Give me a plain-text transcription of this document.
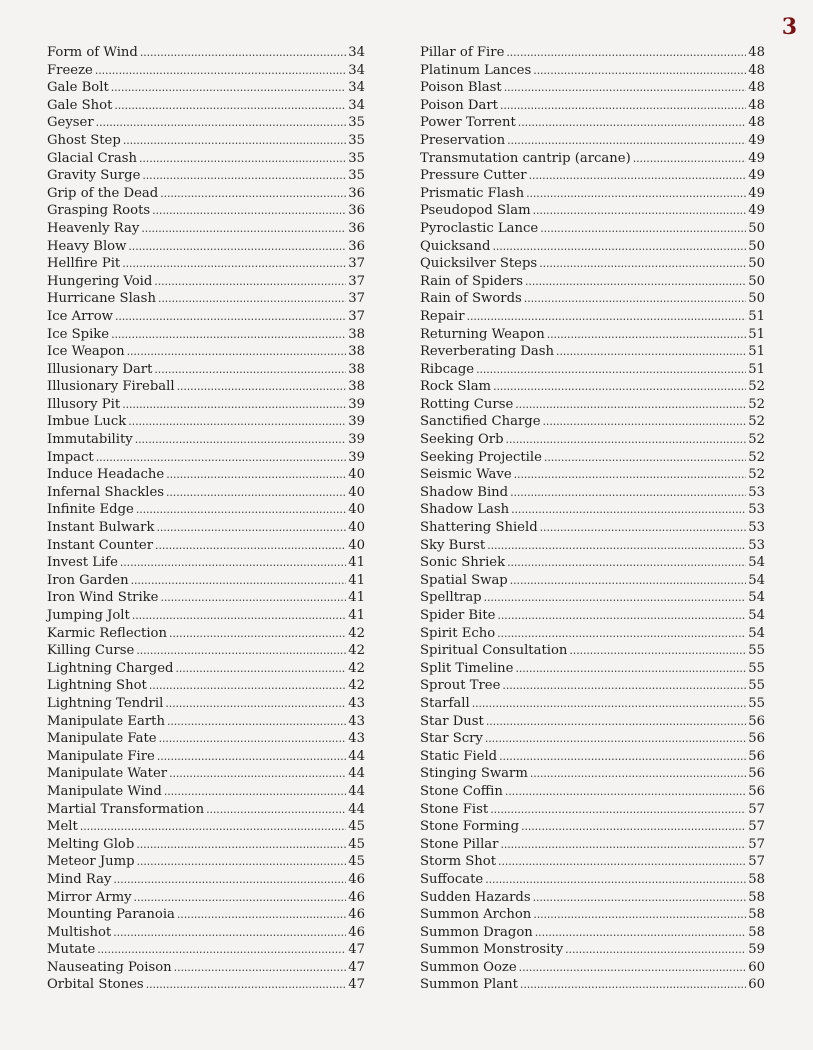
3
Form of Wind . . .	34
Freeze . . .	34
Gale Bolt . . .	34
Gale Shot . . .	34
Geyser . . .	35
Ghost Step . . .	35
Glacial Crash . . .	35
Gravity Surge . . .	35
Grip of the Dead . . .	36
Grasping Roots . . .	36
Heavenly Ray . . .	36
Heavy Blow . . .	36
Hellfire Pit . . .	37
Hungering Void . . .	37
Hurricane Slash . . .	37
Ice Arrow . . .	37
Ice Spike . . .	38
Ice Weapon . . .	38
Illusionary Dart . . .	38
Illusionary Fireball . . .	38
Illusory Pit . . .	39
Imbue Luck . . .	39
Immutability . . .	39
Impact . . .	39
Induce Headache . . .	40
Infernal Shackles . . .	40
Infinite Edge . . .	40
Instant Bulwark . . .	40
Instant Counter . . .	40
Invest Life . . .	41
Iron Garden . . .	41
Iron Wind Strike . . .	41
Jumping Jolt . . .	41
Karmic Reflection . . .	42
Killing Curse . . .	42
Lightning Charged . . .	42
Lightning Shot . . .	42
Lightning Tendril . . .	43
Manipulate Earth . . .	43
Manipulate Fate . . .	43
Manipulate Fire . . .	44
Manipulate Water . . .	44
Manipulate Wind . . .	44
Martial Transformation . . .	44
Melt . . .	45
Melting Glob . . .	45
Meteor Jump . . .	45
Mind Ray . . .	46
Mirror Army . . .	46
Mounting Paranoia . . .	46
Multishot . . .	46
Mutate . . .	47
Nauseating Poison . . .	47
Orbital Stones . . .	47
Pillar of Fire . . .	48
Platinum Lances . . .	48
Poison Blast . . .	48
Poison Dart . . .	48
Power Torrent . . .	48
Preservation . . .	49
Transmutation cantrip (arcane) . . .	49
Pressure Cutter . . .	49
Prismatic Flash . . .	49
Pseudopod Slam . . .	49
Pyroclastic Lance . . .	50
Quicksand . . .	50
Quicksilver Steps . . .	50
Rain of Spiders . . .	50
Rain of Swords . . .	50
Repair . . .	51
Returning Weapon . . .	51
Reverberating Dash . . .	51
Ribcage . . .	51
Rock Slam . . .	52
Rotting Curse . . .	52
Sanctified Charge . . .	52
Seeking Orb . . .	52
Seeking Projectile . . .	52
Seismic Wave . . .	52
Shadow Bind . . .	53
Shadow Lash . . .	53
Shattering Shield . . .	53
Sky Burst . . .	53
Sonic Shriek . . .	54
Spatial Swap . . .	54
Spelltrap . . .	54
Spider Bite . . .	54
Spirit Echo . . .	54
Spiritual Consultation . . .	55
Split Timeline . . .	55
Sprout Tree . . .	55
Starfall . . .	55
Star Dust . . .	56
Star Scry . . .	56
Static Field . . .	56
Stinging Swarm . . .	56
Stone Coffin . . .	56
Stone Fist . . .	57
Stone Forming . . .	57
Stone Pillar . . .	57
Storm Shot . . .	57
Suffocate . . .	58
Sudden Hazards . . .	58
Summon Archon . . .	58
Summon Dragon . . .	58
Summon Monstrosity . . .	59
Summon Ooze . . .	60
Summon Plant . . .	60
